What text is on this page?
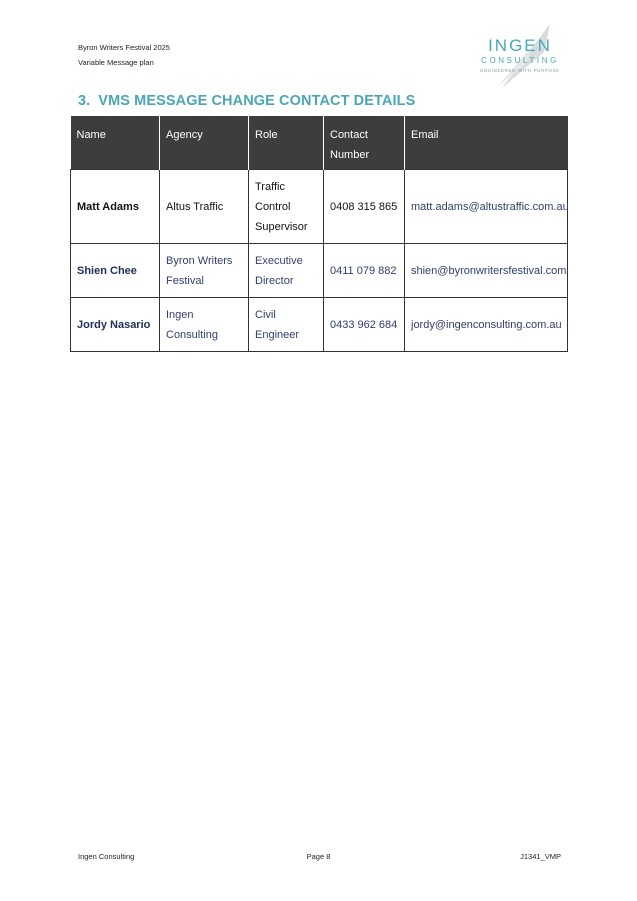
Byron Writers Festival 2025
Variable Message plan
INGEN
CONSULTING
ENGINEERED WITH PURPOSE
3. VMS MESSAGE CHANGE CONTACT DETAILS
Name	Agency	Role	Contact Number	Email
Matt Adams	Altus Traffic	Traffic Control Supervisor	0408 315 865	matt.adams@altustraffic.com.au
Shien Chee	Byron Writers Festival	Executive Director	0411 079 882	shien@byronwritersfestival.com
Jordy Nasario	Ingen Consulting	Civil Engineer	0433 962 684	jordy@ingenconsulting.com.au
Ingen Consulting	Page 8	J1341_VMP
